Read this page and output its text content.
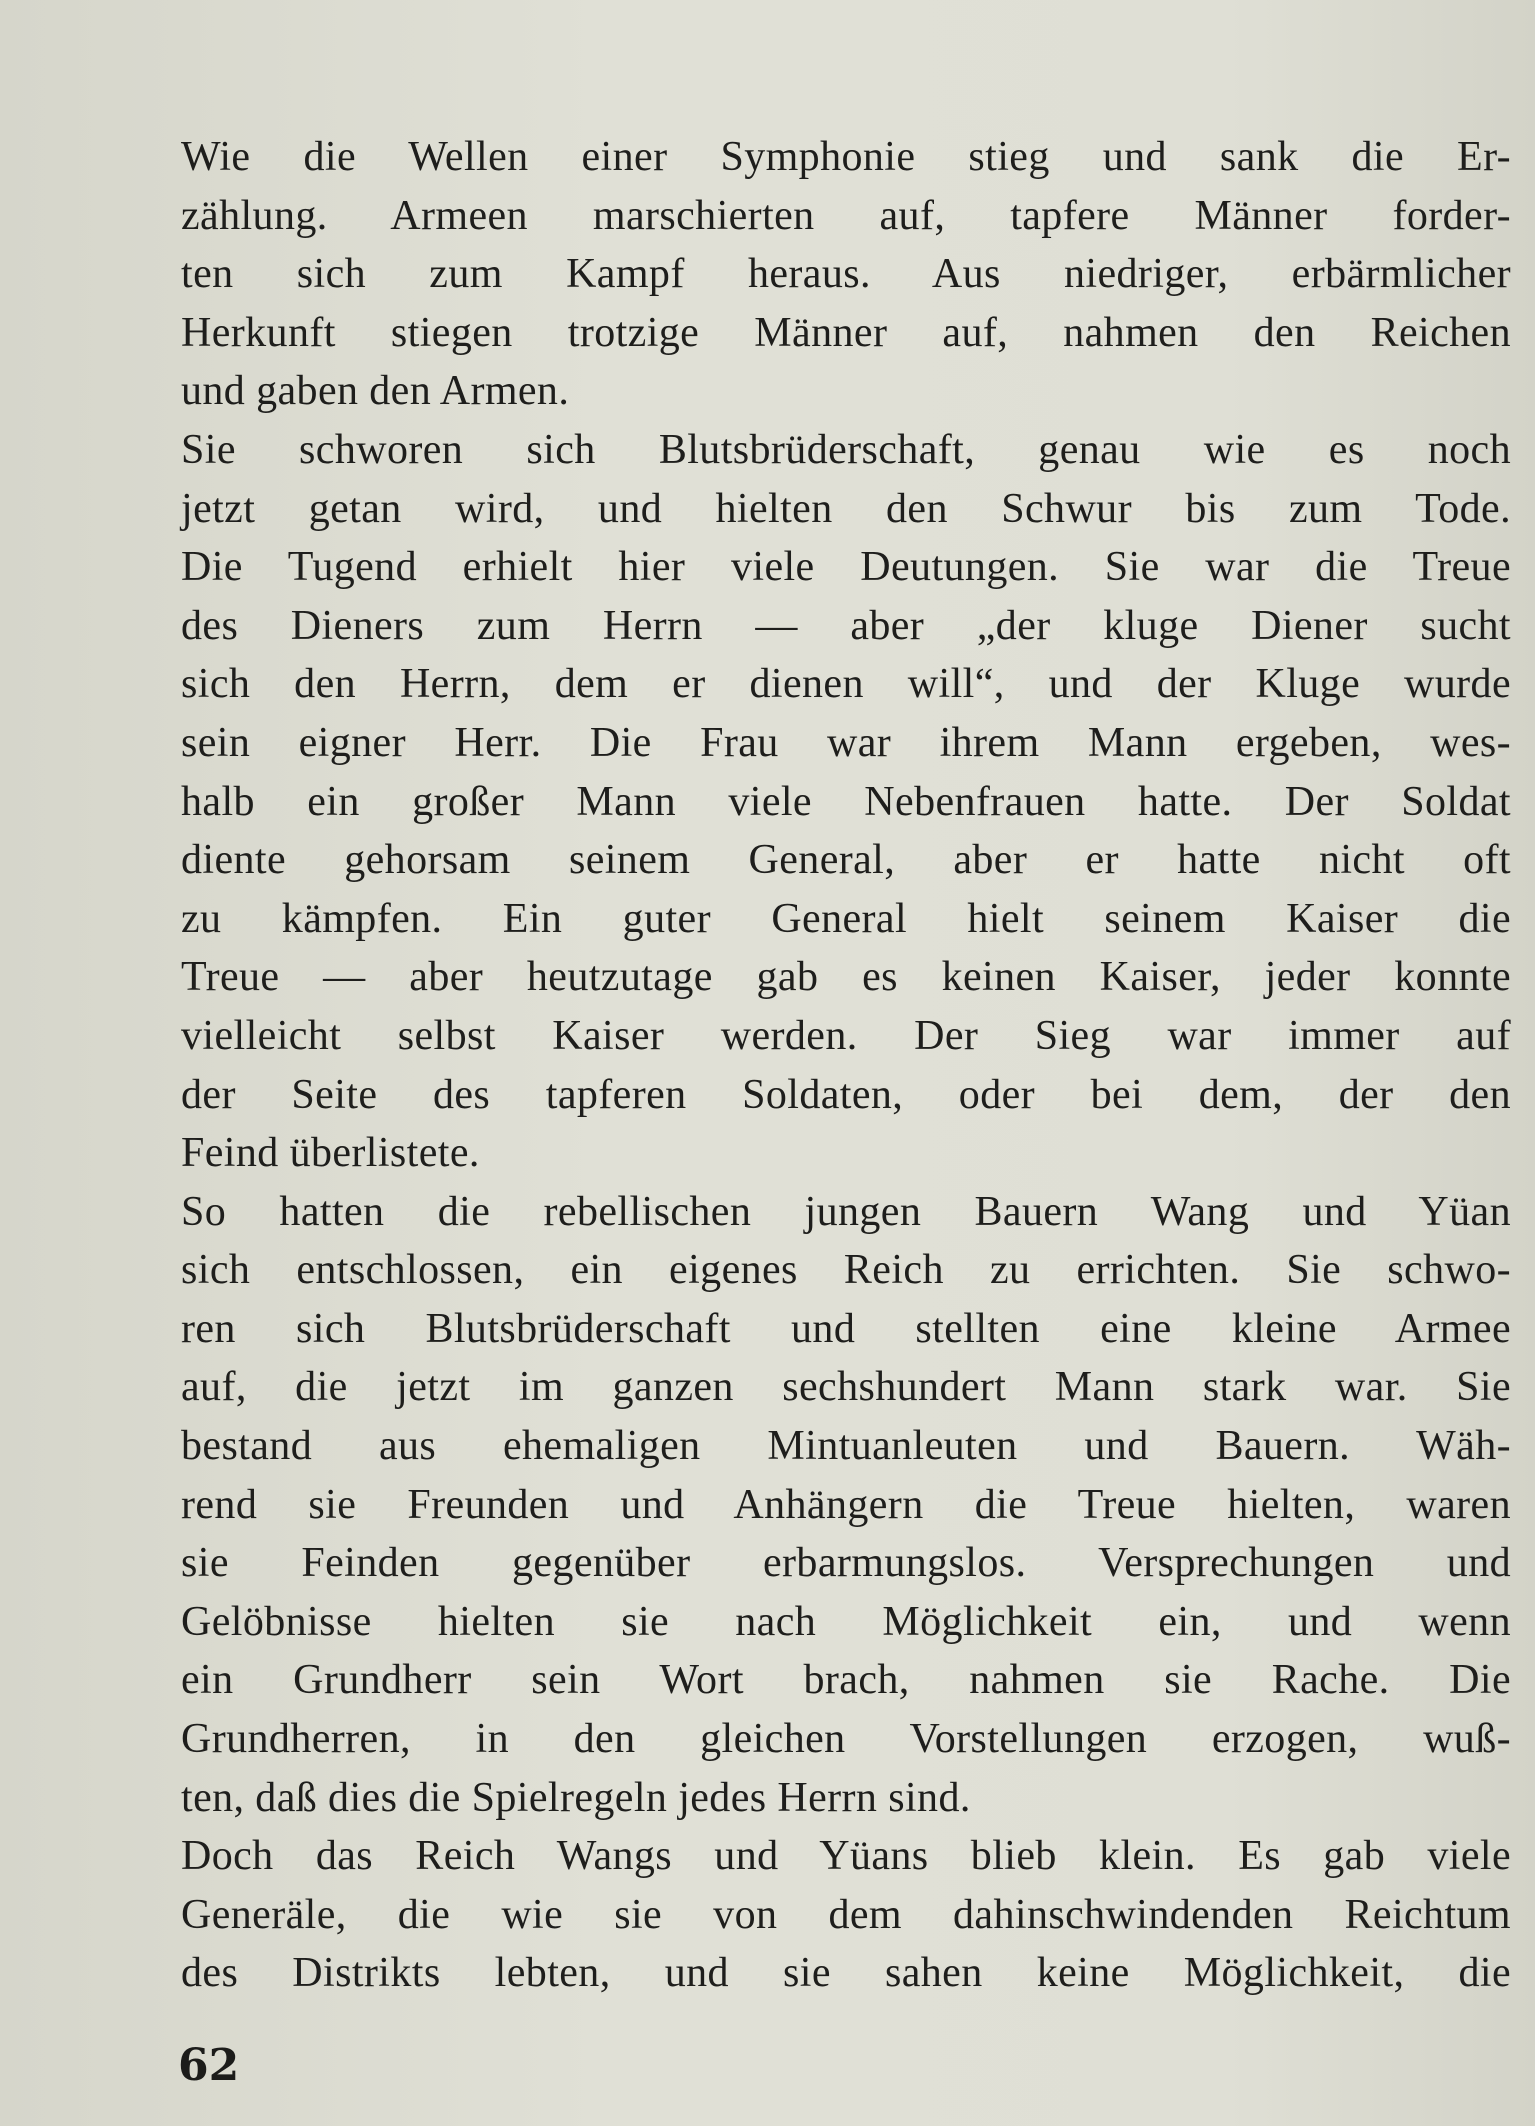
Wie die Wellen einer Symphonie stieg und sank die Er-
zählung. Armeen marschierten auf, tapfere Männer forder-
ten sich zum Kampf heraus. Aus niedriger, erbärmlicher
Herkunft stiegen trotzige Männer auf, nahmen den Reichen
und gaben den Armen.
Sie schworen sich Blutsbrüderschaft, genau wie es noch
jetzt getan wird, und hielten den Schwur bis zum Tode.
Die Tugend erhielt hier viele Deutungen. Sie war die Treue
des Dieners zum Herrn — aber „der kluge Diener sucht
sich den Herrn, dem er dienen will“, und der Kluge wurde
sein eigner Herr. Die Frau war ihrem Mann ergeben, wes-
halb ein großer Mann viele Nebenfrauen hatte. Der Soldat
diente gehorsam seinem General, aber er hatte nicht oft
zu kämpfen. Ein guter General hielt seinem Kaiser die
Treue — aber heutzutage gab es keinen Kaiser, jeder konnte
vielleicht selbst Kaiser werden. Der Sieg war immer auf
der Seite des tapferen Soldaten, oder bei dem, der den
Feind überlistete.
So hatten die rebellischen jungen Bauern Wang und Yüan
sich entschlossen, ein eigenes Reich zu errichten. Sie schwo-
ren sich Blutsbrüderschaft und stellten eine kleine Armee
auf, die jetzt im ganzen sechshundert Mann stark war. Sie
bestand aus ehemaligen Mintuanleuten und Bauern. Wäh-
rend sie Freunden und Anhängern die Treue hielten, waren
sie Feinden gegenüber erbarmungslos. Versprechungen und
Gelöbnisse hielten sie nach Möglichkeit ein, und wenn
ein Grundherr sein Wort brach, nahmen sie Rache. Die
Grundherren, in den gleichen Vorstellungen erzogen, wuß-
ten, daß dies die Spielregeln jedes Herrn sind.
Doch das Reich Wangs und Yüans blieb klein. Es gab viele
Generäle, die wie sie von dem dahinschwindenden Reichtum
des Distrikts lebten, und sie sahen keine Möglichkeit, die
62
